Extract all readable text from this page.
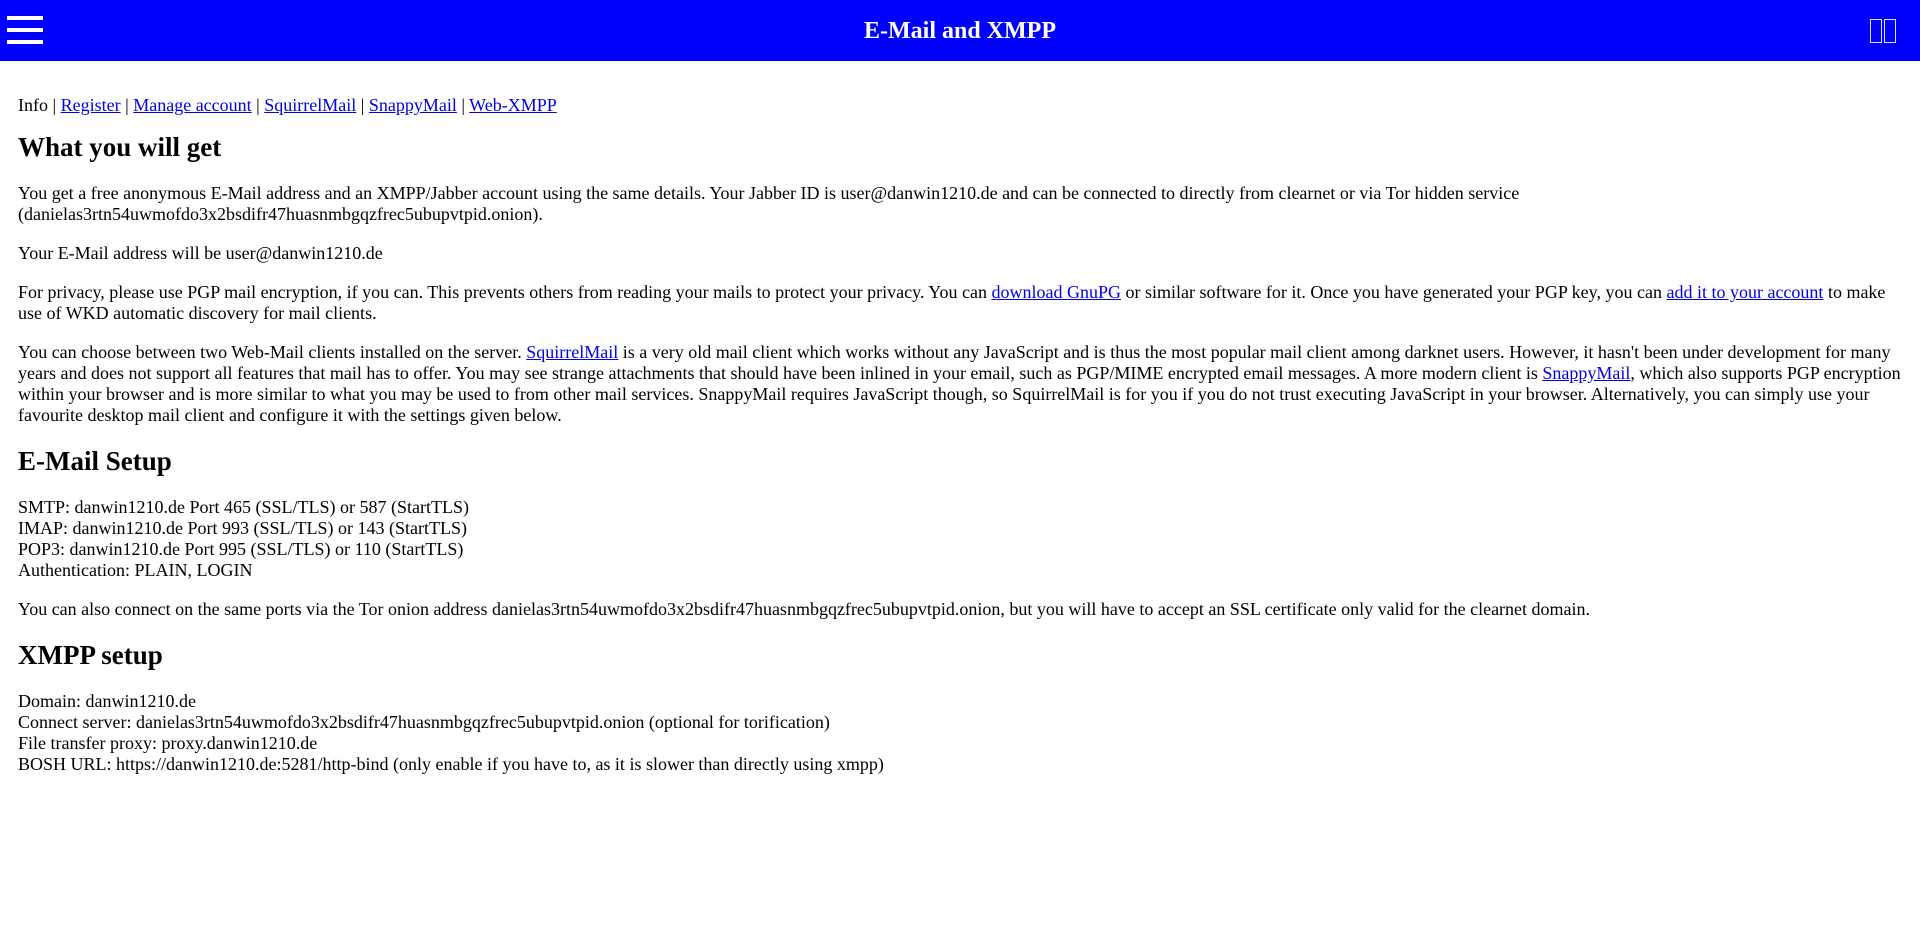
E-Mail and XMPP
Info | Register | Manage account | SquirrelMail | SnappyMail | Web-XMPP
What you will get

You get a free anonymous E-Mail address and an XMPP/Jabber account using the same details. Your Jabber ID is user@danwin1210.de and can be connected to directly from clearnet or via Tor hidden service (danielas3rtn54uwmofdo3x2bsdifr47huasnmbgqzfrec5ubupvtpid.onion).

Your E-Mail address will be user@danwin1210.de

For privacy, please use PGP mail encryption, if you can. This prevents others from reading your mails to protect your privacy. You can download GnuPG or similar software for it. Once you have generated your PGP key, you can add it to your account to make use of WKD automatic discovery for mail clients.

You can choose between two Web-Mail clients installed on the server. SquirrelMail is a very old mail client which works without any JavaScript and is thus the most popular mail client among darknet users. However, it hasn't been under development for many years and does not support all features that mail has to offer. You may see strange attachments that should have been inlined in your email, such as PGP/MIME encrypted email messages. A more modern client is SnappyMail, which also supports PGP encryption within your browser and is more similar to what you may be used to from other mail services. SnappyMail requires JavaScript though, so SquirrelMail is for you if you do not trust executing JavaScript in your browser. Alternatively, you can simply use your favourite desktop mail client and configure it with the settings given below.

E-Mail Setup

SMTP: danwin1210.de Port 465 (SSL/TLS) or 587 (StartTLS)
IMAP: danwin1210.de Port 993 (SSL/TLS) or 143 (StartTLS)
POP3: danwin1210.de Port 995 (SSL/TLS) or 110 (StartTLS)
Authentication: PLAIN, LOGIN

You can also connect on the same ports via the Tor onion address danielas3rtn54uwmofdo3x2bsdifr47huasnmbgqzfrec5ubupvtpid.onion, but you will have to accept an SSL certificate only valid for the clearnet domain.

XMPP setup

Domain: danwin1210.de
Connect server: danielas3rtn54uwmofdo3x2bsdifr47huasnmbgqzfrec5ubupvtpid.onion (optional for torification)
File transfer proxy: proxy.danwin1210.de
BOSH URL: https://danwin1210.de:5281/http-bind (only enable if you have to, as it is slower than directly using xmpp)
